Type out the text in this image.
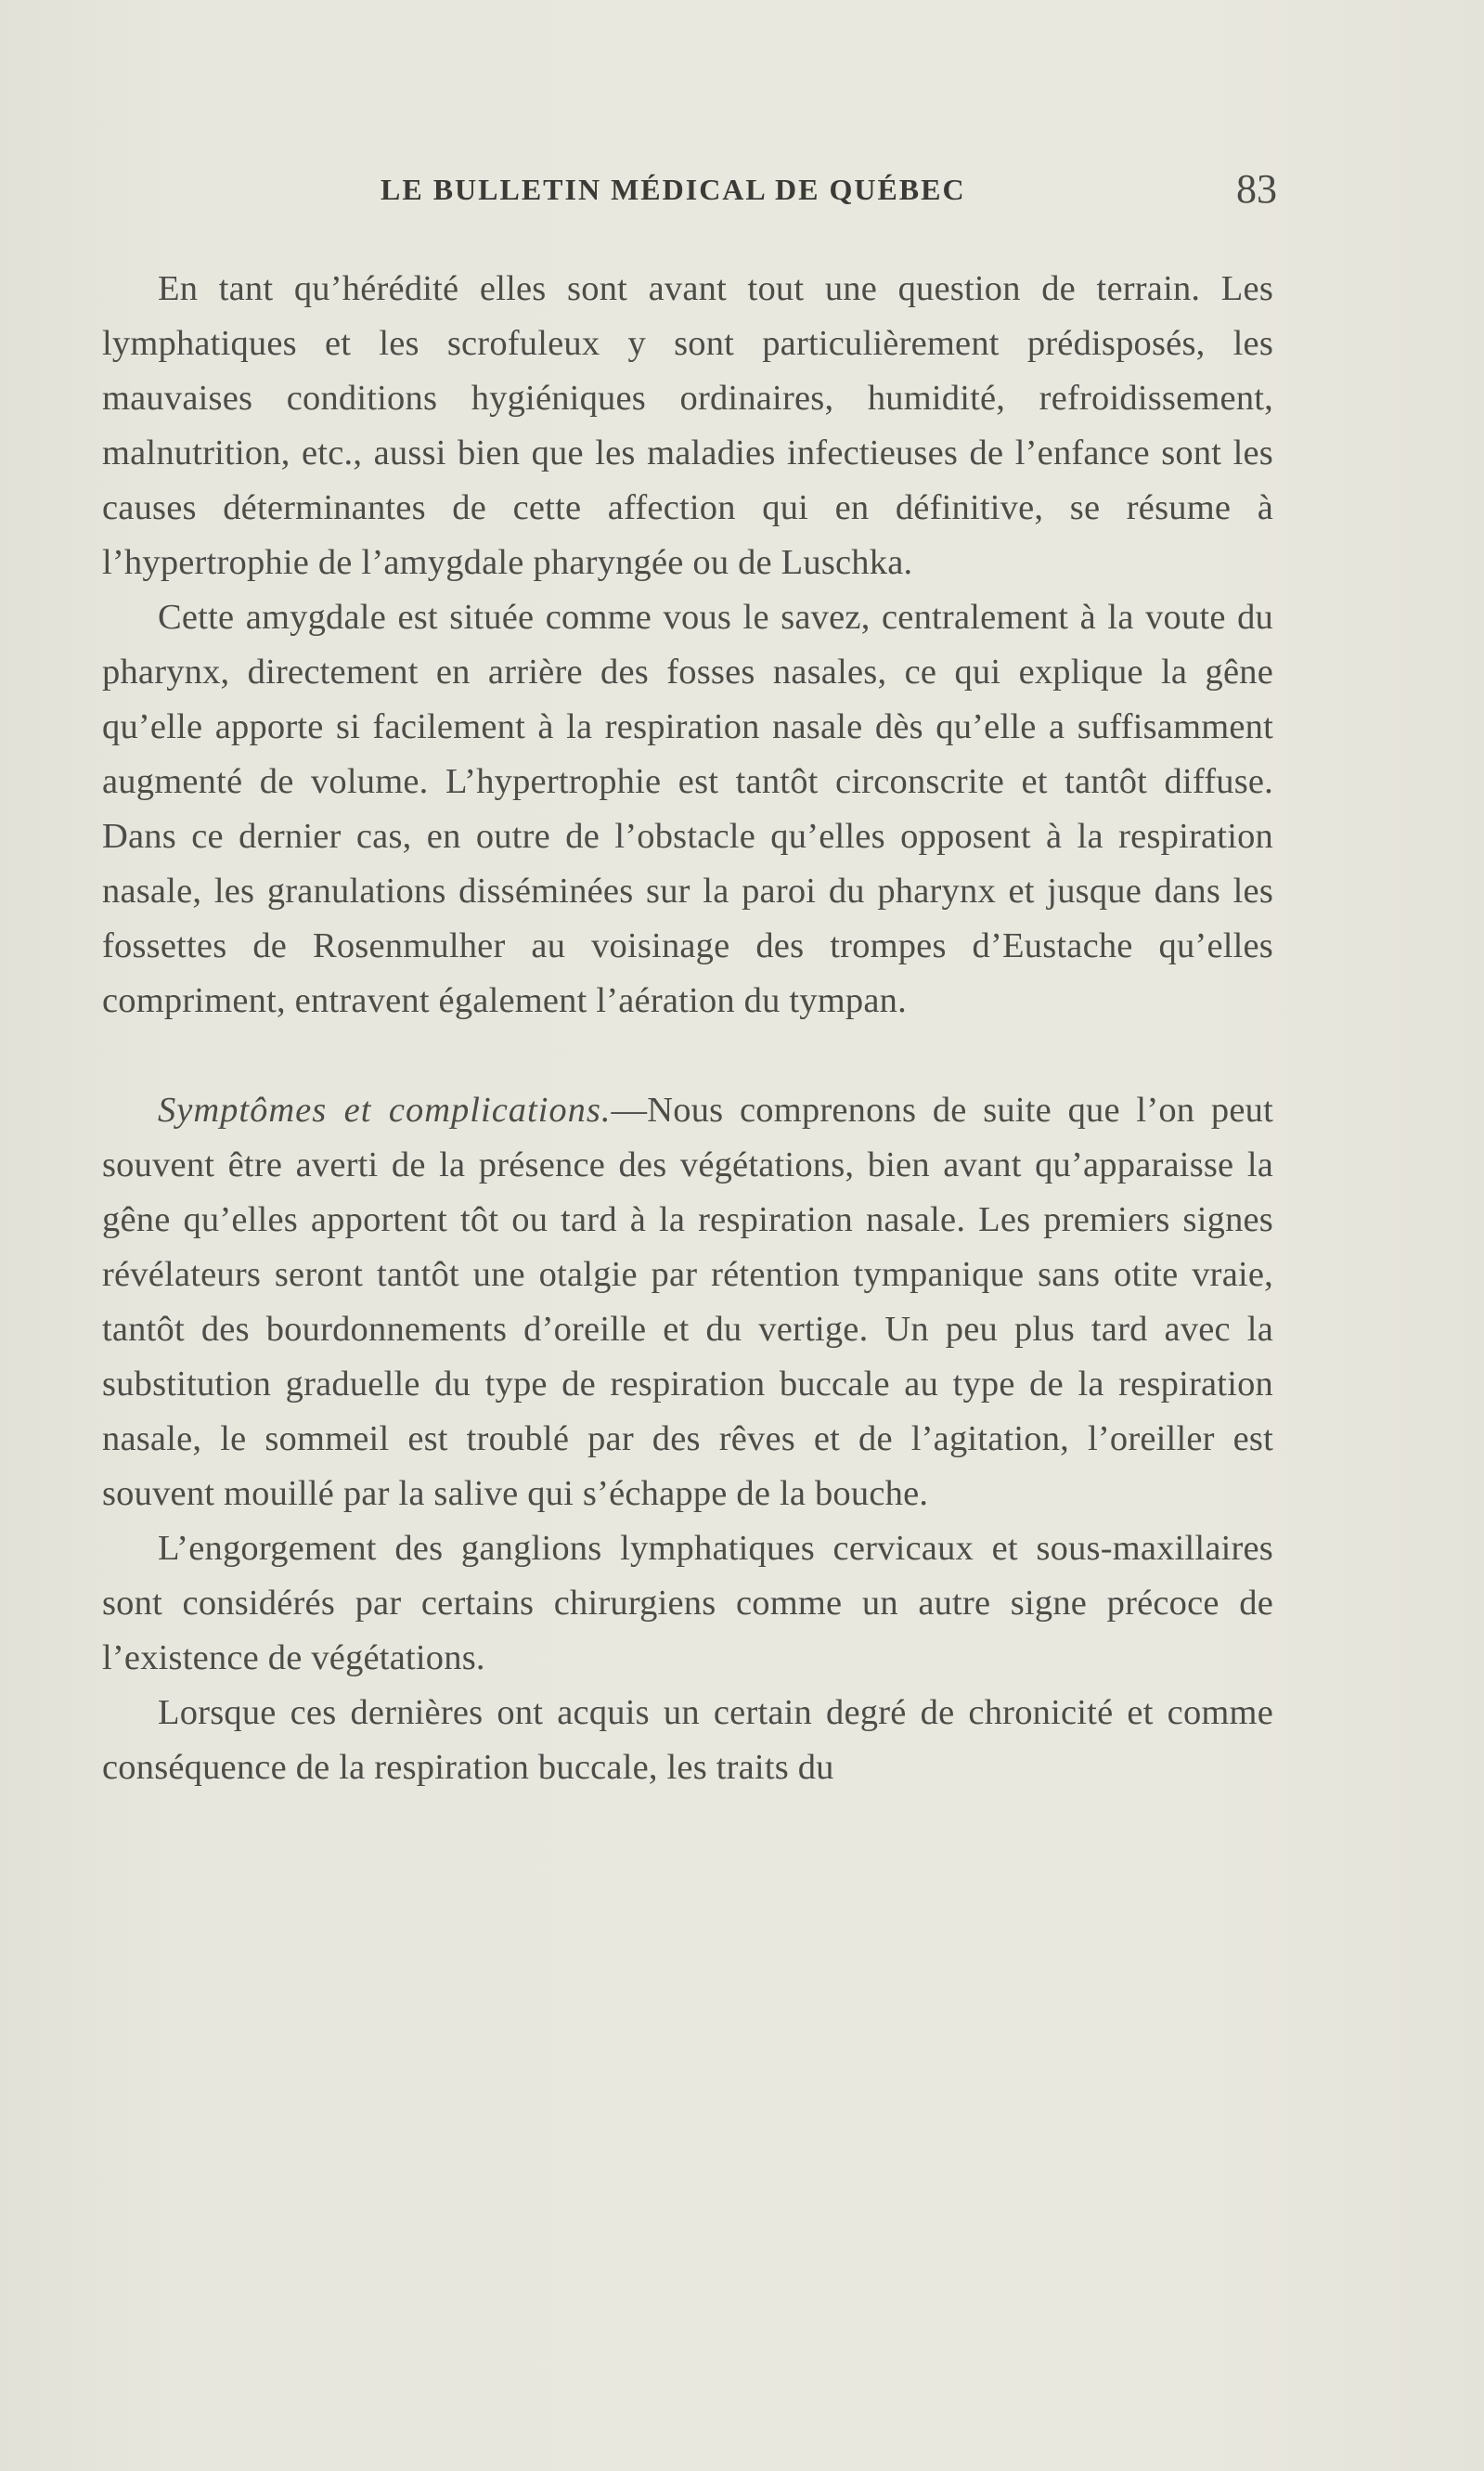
LE BULLETIN MÉDICAL DE QUÉBEC	83

En tant qu’hérédité elles sont avant tout une question de terrain. Les lymphatiques et les scrofuleux y sont particulièrement prédisposés, les mauvaises conditions hygiéniques ordinaires, humidité, refroidissement, malnutrition, etc., aussi bien que les maladies infectieuses de l’enfance sont les causes déterminantes de cette affection qui en définitive, se résume à l’hypertrophie de l’amygdale pharyngée ou de Luschka.

Cette amygdale est située comme vous le savez, centralement à la voute du pharynx, directement en arrière des fosses nasales, ce qui explique la gêne qu’elle apporte si facilement à la respiration nasale dès qu’elle a suffisamment augmenté de volume. L’hypertrophie est tantôt circonscrite et tantôt diffuse. Dans ce dernier cas, en outre de l’obstacle qu’elles opposent à la respiration nasale, les granulations disséminées sur la paroi du pharynx et jusque dans les fossettes de Rosenmulher au voisinage des trompes d’Eustache qu’elles compriment, entravent également l’aération du tympan.

Symptômes et complications.—Nous comprenons de suite que l’on peut souvent être averti de la présence des végétations, bien avant qu’apparaisse la gêne qu’elles apportent tôt ou tard à la respiration nasale. Les premiers signes révélateurs seront tantôt une otalgie par rétention tympanique sans otite vraie, tantôt des bourdonnements d’oreille et du vertige. Un peu plus tard avec la substitution graduelle du type de respiration buccale au type de la respiration nasale, le sommeil est troublé par des rêves et de l’agitation, l’oreiller est souvent mouillé par la salive qui s’échappe de la bouche.

L’engorgement des ganglions lymphatiques cervicaux et sous-maxillaires sont considérés par certains chirurgiens comme un autre signe précoce de l’existence de végétations.

Lorsque ces dernières ont acquis un certain degré de chronicité et comme conséquence de la respiration buccale, les traits du
